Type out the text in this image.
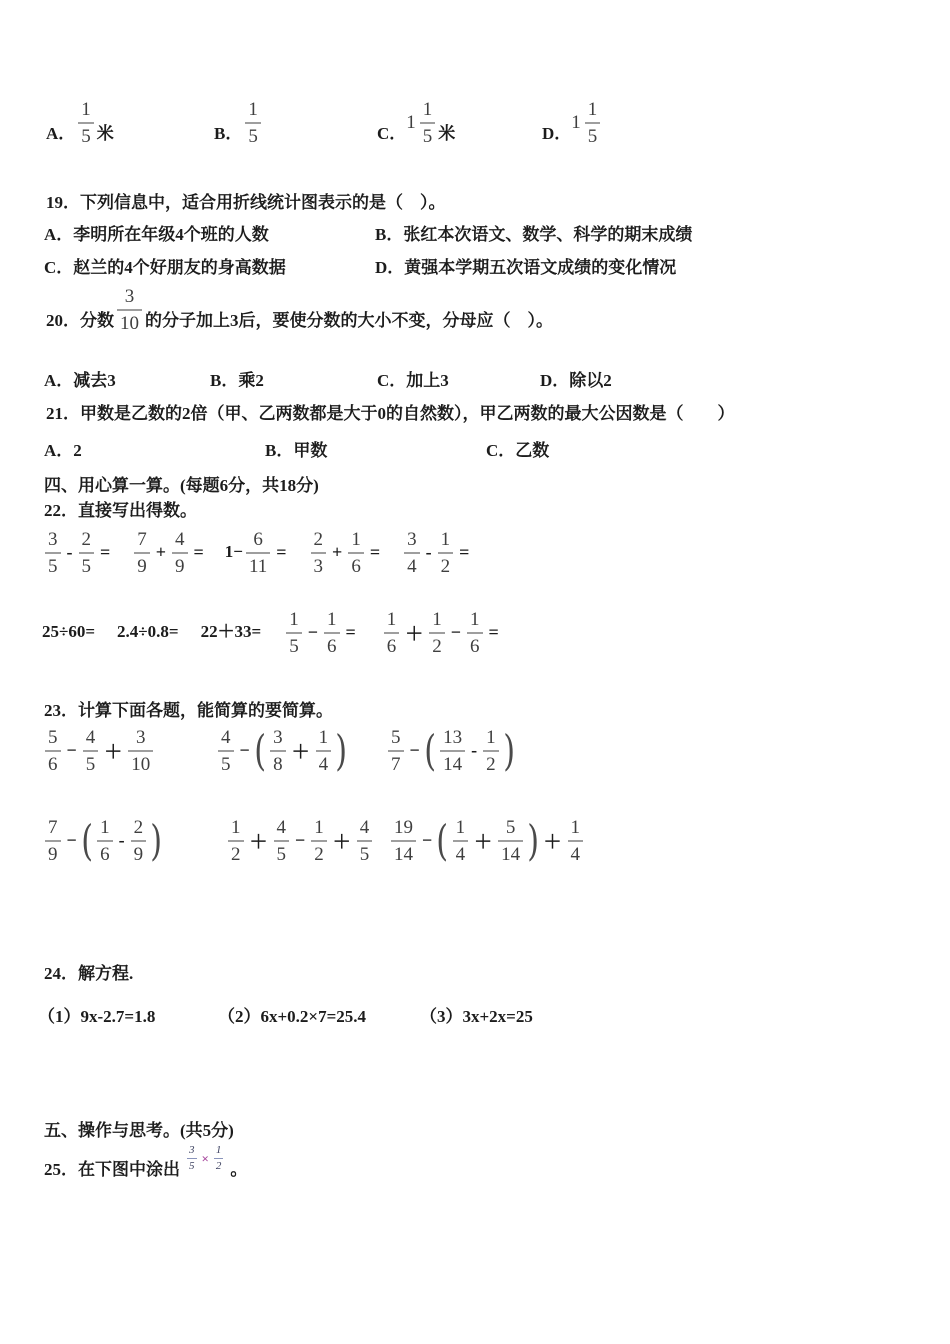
A． $\frac{1}{5}$ 米	B． $\frac{1}{5}$	C．
$1 \frac{1}{5}$ 米	D．
$1 \frac{1}{5}$
19．下列信息中，适合用折线统计图表示的是（　）。
A．李明所在年级4个班的人数	B．张红本次语文、数学、科学的期末成绩
C．赵兰的4个好朋友的身高数据	D．黄强本学期五次语文成绩的变化情况
20．分数 $\frac{3}{10}$ 的分子加上3后，要使分数的大小不变，分母应（　）。
A．减去3	B．乘2	C．加上3	D．除以2
21．甲数是乙数的2倍（甲、乙两数都是大于0的自然数），甲乙两数的最大公因数是（　　）
A．2	B．甲数	C．乙数
四、用心算一算。(每题6分，共18分)
22．直接写出得数。
$\frac{3}{5} - \frac{2}{5} = \frac{7}{9} + \frac{4}{9} = 1- \frac{6}{11} = \frac{2}{3} + \frac{1}{6} = \frac{3}{4} - \frac{1}{2}$ =
$25\div 60= 2.4\div 0.8= 22+33= \frac{1}{5} - \frac{1}{6} = \frac{1}{6} + \frac{1}{2} - \frac{1}{6}$ =
23．计算下面各题，能简算的要简算。
$\frac{5}{6} - \frac{4}{5} + \frac{3}{10}$	$\frac{4}{5}$ − ( $\frac{3}{8} + \frac{1}{4}$ ) $\frac{5}{7}$ − ( $\frac{13}{14} - \frac{1}{2}$ )
$\frac{7}{9}$ − ( $\frac{1}{6} - \frac{2}{9}$ )	$\frac{1}{2} + \frac{4}{5} - \frac{1}{2} + \frac{4}{5} \frac{19}{14}$ − ( $\frac{1}{4} + \frac{5}{14}$ ) ＋ $\frac{1}{4}$
24．解方程.
（1）9x-2.7=1.8	（2）6x+0.2×7=25.4	（3）3x+2x=25
五、操作与思考。(共5分)
25．在下图中涂出 $\frac{3}{5} \times \frac{1}{2}$ 。
